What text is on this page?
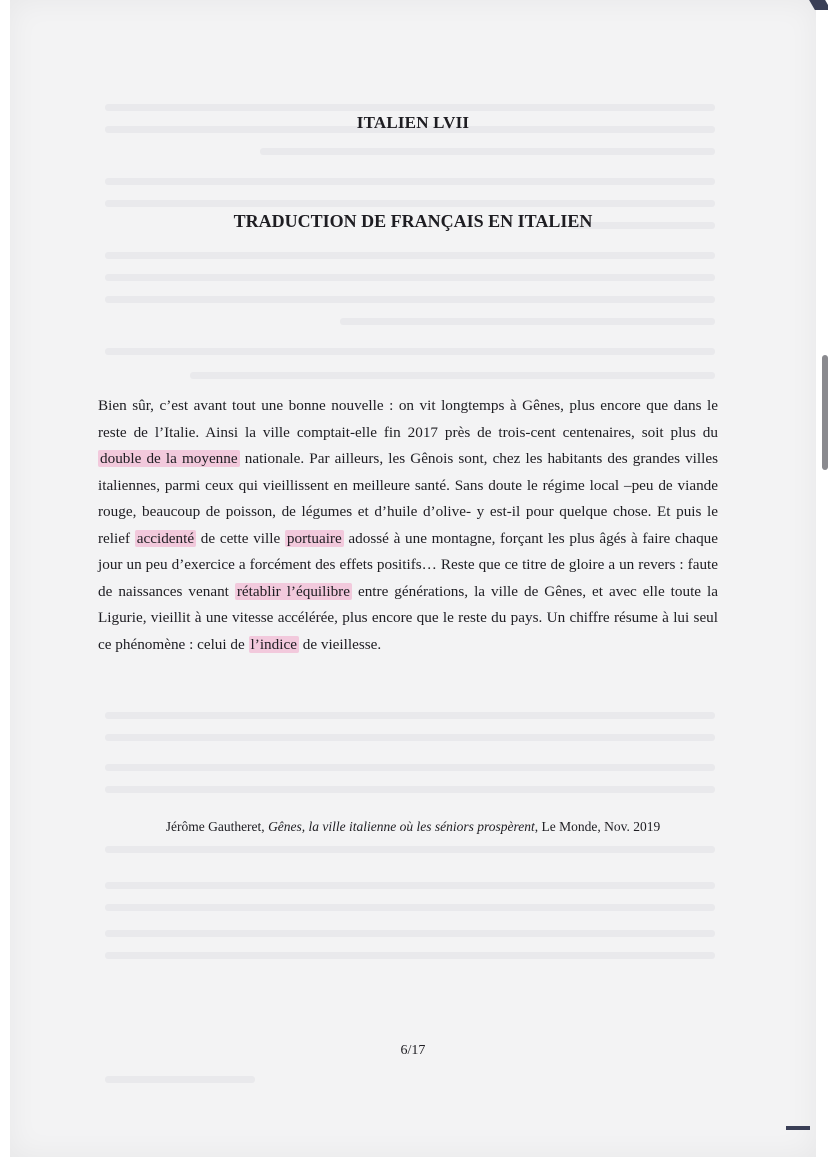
ITALIEN LVII
TRADUCTION DE FRANÇAIS EN ITALIEN

Bien sûr, c’est avant tout une bonne nouvelle : on vit longtemps à Gênes, plus encore que dans le reste de l’Italie. Ainsi la ville comptait-elle fin 2017 près de trois-cent centenaires, soit plus du double de la moyenne nationale. Par ailleurs, les Gênois sont, chez les habitants des grandes villes italiennes, parmi ceux qui vieillissent en meilleure santé. Sans doute le régime local –peu de viande rouge, beaucoup de poisson, de légumes et d’huile d’olive- y est-il pour quelque chose. Et puis le relief accidenté de cette ville portuaire adossé à une montagne, forçant les plus âgés à faire chaque jour un peu d’exercice a forcément des effets positifs… Reste que ce titre de gloire a un revers : faute de naissances venant rétablir l’équilibre entre générations, la ville de Gênes, et avec elle toute la Ligurie, vieillit à une vitesse accélérée, plus encore que le reste du pays. Un chiffre résume à lui seul ce phénomène : celui de l’indice de vieillesse.

Jérôme Gautheret, Gênes, la ville italienne où les séniors prospèrent, Le Monde, Nov. 2019
6/17
